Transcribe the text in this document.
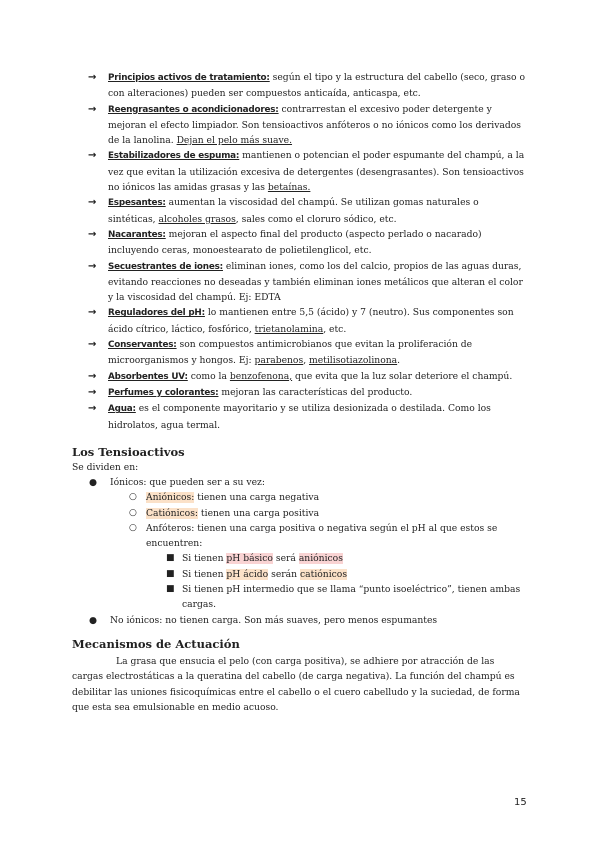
→ Principios activos de tratamiento: según el tipo y la estructura del cabello (seco, graso o con alteraciones) pueden ser compuestos anticaída, anticaspa, etc.
→ Reengrasantes o acondicionadores: contrarrestan el excesivo poder detergente y mejoran el efecto limpiador. Son tensioactivos anfóteros o no iónicos como los derivados de la lanolina. Dejan el pelo más suave.
→ Estabilizadores de espuma: mantienen o potencian el poder espumante del champú, a la vez que evitan la utilización excesiva de detergentes (desengrasantes). Son tensioactivos no iónicos las amidas grasas y las betaínas.
→ Espesantes: aumentan la viscosidad del champú. Se utilizan gomas naturales o sintéticas, alcoholes grasos, sales como el cloruro sódico, etc.
→ Nacarantes: mejoran el aspecto final del producto (aspecto perlado o nacarado) incluyendo ceras, monoestearato de polietilenglicol, etc.
→ Secuestrantes de iones: eliminan iones, como los del calcio, propios de las aguas duras, evitando reacciones no deseadas y también eliminan iones metálicos que alteran el color y la viscosidad del champú. Ej: EDTA
→ Reguladores del pH: lo mantienen entre 5,5 (ácido) y 7 (neutro). Sus componentes son ácido cítrico, láctico, fosfórico, trietanolamina, etc.
→ Conservantes: son compuestos antimicrobianos que evitan la proliferación de microorganismos y hongos. Ej: parabenos, metilisotiazolinona.
→ Absorbentes UV: como la benzofenona, que evita que la luz solar deteriore el champú.
→ Perfumes y colorantes: mejoran las características del producto.
→ Agua: es el componente mayoritario y se utiliza desionizada o destilada. Como los hidrolatos, agua termal.
Los Tensioactivos
Se dividen en:
● Iónicos: que pueden ser a su vez:
○ Aniónicos: tienen una carga negativa
○ Catiónicos: tienen una carga positiva
○ Anfóteros: tienen una carga positiva o negativa según el pH al que estos se encuentren:
■ Si tienen pH básico será aniónicos
■ Si tienen pH ácido serán catiónicos
■ Si tienen pH intermedio que se llama “punto isoeléctrico”, tienen ambas cargas.
● No iónicos: no tienen carga. Son más suaves, pero menos espumantes
Mecanismos de Actuación
La grasa que ensucia el pelo (con carga positiva), se adhiere por atracción de las cargas electrostáticas a la queratina del cabello (de carga negativa). La función del champú es debilitar las uniones fisicoquímicas entre el cabello o el cuero cabelludo y la suciedad, de forma que esta sea emulsionable en medio acuoso.
15
